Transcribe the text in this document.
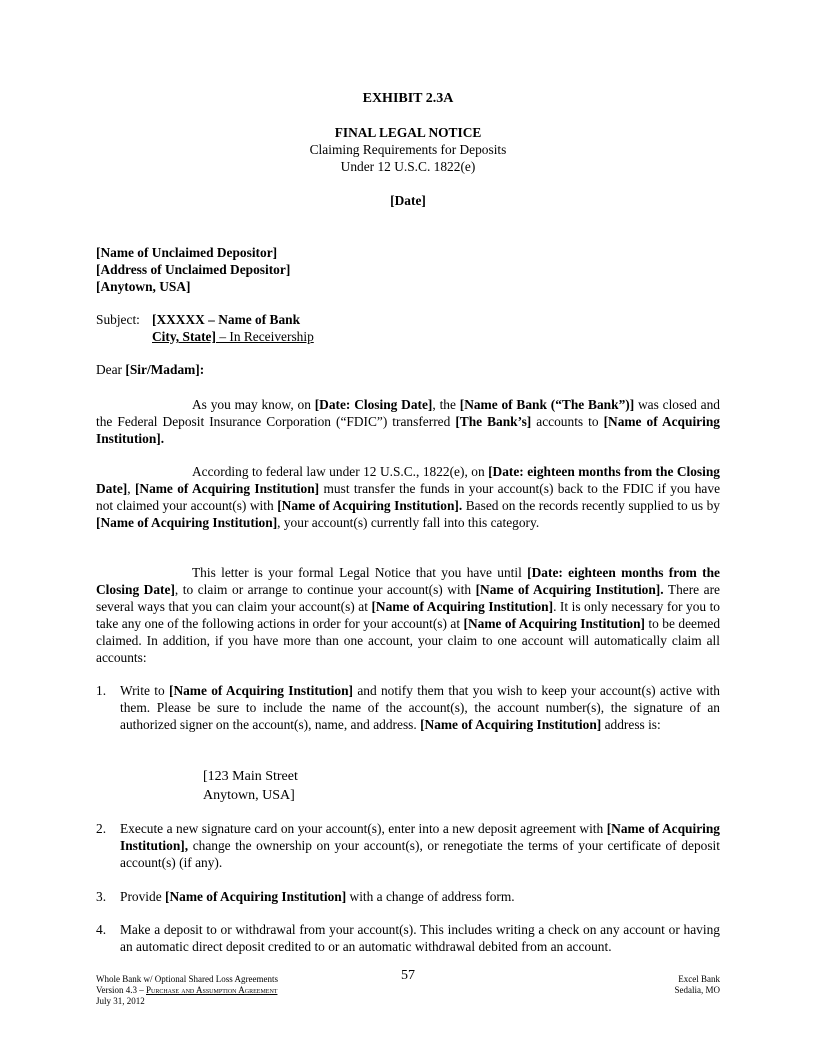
EXHIBIT 2.3A
FINAL LEGAL NOTICE
Claiming Requirements for Deposits
Under 12 U.S.C. 1822(e)
[Date]
[Name of Unclaimed Depositor]
[Address of Unclaimed Depositor]
[Anytown, USA]
Subject: [XXXXX – Name of Bank
City, State] – In Receivership
Dear [Sir/Madam]:
As you may know, on [Date: Closing Date], the [Name of Bank (“The Bank”)] was closed and the Federal Deposit Insurance Corporation (“FDIC”) transferred [The Bank’s] accounts to [Name of Acquiring Institution].
According to federal law under 12 U.S.C., 1822(e), on [Date: eighteen months from the Closing Date], [Name of Acquiring Institution] must transfer the funds in your account(s) back to the FDIC if you have not claimed your account(s) with [Name of Acquiring Institution]. Based on the records recently supplied to us by [Name of Acquiring Institution], your account(s) currently fall into this category.
This letter is your formal Legal Notice that you have until [Date: eighteen months from the Closing Date], to claim or arrange to continue your account(s) with [Name of Acquiring Institution]. There are several ways that you can claim your account(s) at [Name of Acquiring Institution]. It is only necessary for you to take any one of the following actions in order for your account(s) at [Name of Acquiring Institution] to be deemed claimed. In addition, if you have more than one account, your claim to one account will automatically claim all accounts:
1. Write to [Name of Acquiring Institution] and notify them that you wish to keep your account(s) active with them. Please be sure to include the name of the account(s), the account number(s), the signature of an authorized signer on the account(s), name, and address. [Name of Acquiring Institution] address is:
[123 Main Street
Anytown, USA]
2. Execute a new signature card on your account(s), enter into a new deposit agreement with [Name of Acquiring Institution], change the ownership on your account(s), or renegotiate the terms of your certificate of deposit account(s) (if any).
3. Provide [Name of Acquiring Institution] with a change of address form.
4. Make a deposit to or withdrawal from your account(s). This includes writing a check on any account or having an automatic direct deposit credited to or an automatic withdrawal debited from an account.
Whole Bank w/ Optional Shared Loss Agreements
Version 4.3 – Purchase and Assumption Agreement
July 31, 2012
57	Excel Bank
Sedalia, MO
